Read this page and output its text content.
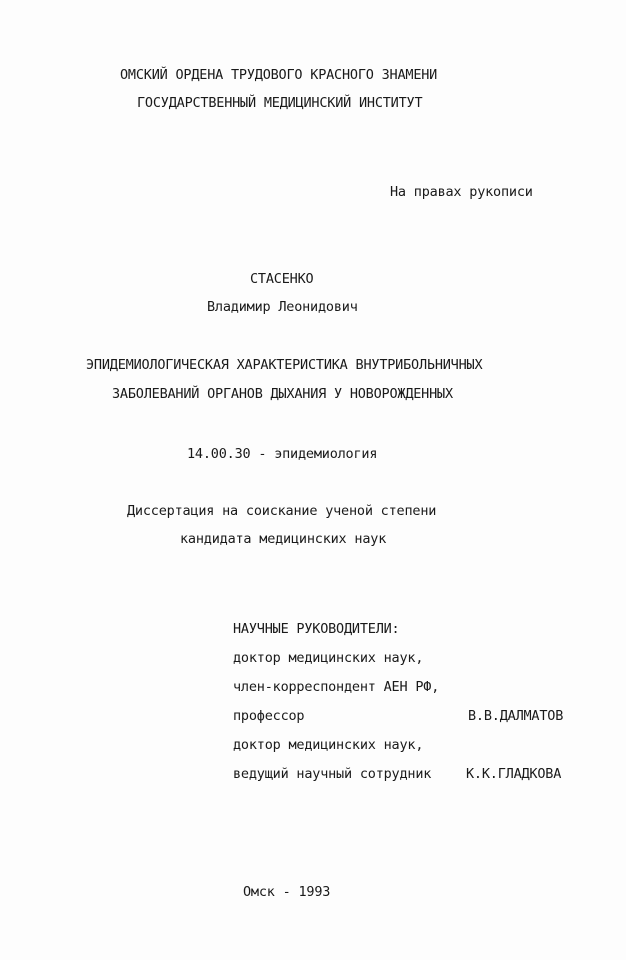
ОМСКИЙ ОРДЕНА ТРУДОВОГО КРАСНОГО ЗНАМЕНИ
ГОСУДАРСТВЕННЫЙ МЕДИЦИНСКИЙ ИНСТИТУТ
На правах рукописи
СТАСЕНКО
Владимир Леонидович
ЭПИДЕМИОЛОГИЧЕСКАЯ ХАРАКТЕРИСТИКА ВНУТРИБОЛЬНИЧНЫХ
ЗАБОЛЕВАНИЙ ОРГАНОВ ДЫХАНИЯ У НОВОРОЖДЕННЫХ
14.00.30 - эпидемиология
Диссертация на соискание ученой степени
кандидата медицинских наук
НАУЧНЫЕ РУКОВОДИТЕЛИ:
доктор медицинских наук,
член-корреспондент АЕН РФ,
профессор	В.В.ДАЛМАТОВ
доктор медицинских наук,
ведущий научный сотрудник	К.К.ГЛАДКОВА
Омск - 1993
